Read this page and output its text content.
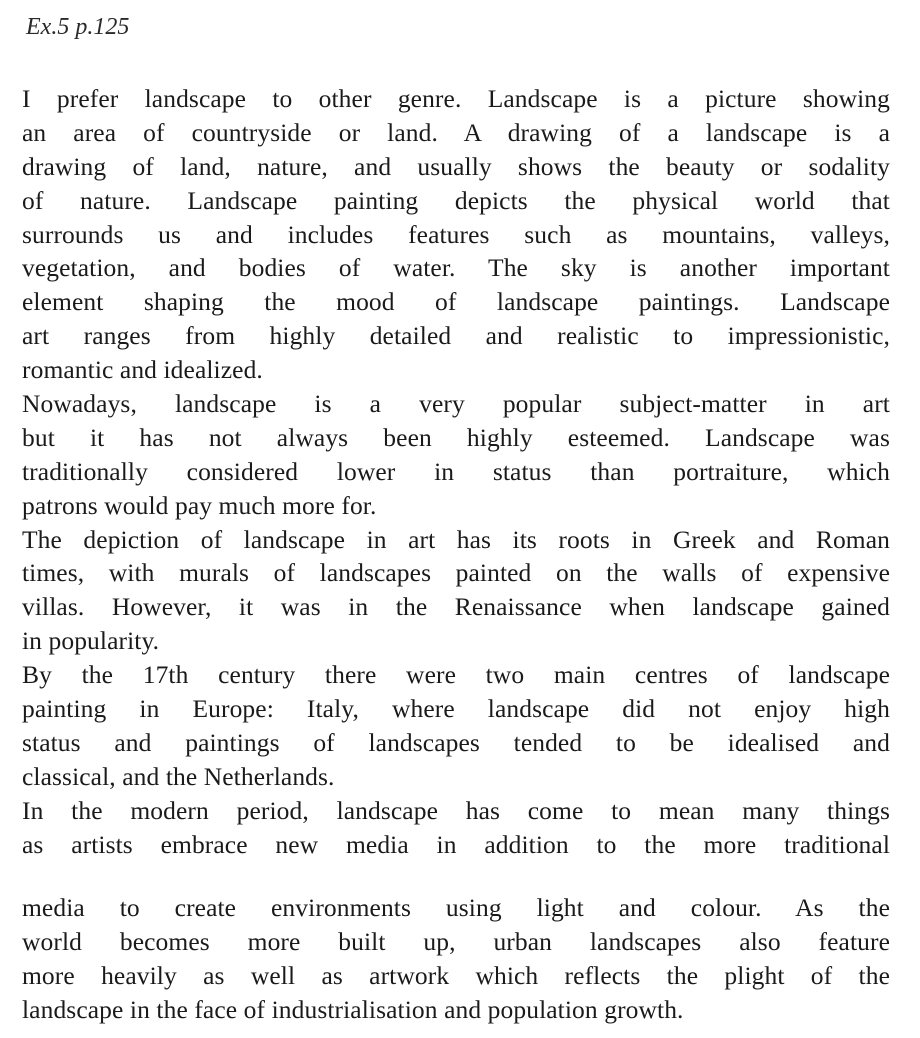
Ex.5 p.125
I prefer landscape to other genre. Landscape is a picture showing
an area of countryside or land. A drawing of a landscape is a
drawing of land, nature, and usually shows the beauty or sodality
of nature. Landscape painting depicts the physical world that
surrounds us and includes features such as mountains, valleys,
vegetation, and bodies of water. The sky is another important
element shaping the mood of landscape paintings. Landscape
art ranges from highly detailed and realistic to impressionistic,
romantic and idealized.
Nowadays, landscape is a very popular subject-matter in art
but it has not always been highly esteemed. Landscape was
traditionally considered lower in status than portraiture, which
patrons would pay much more for.
The depiction of landscape in art has its roots in Greek and Roman
times, with murals of landscapes painted on the walls of expensive
villas. However, it was in the Renaissance when landscape gained
in popularity.
By the 17th century there were two main centres of landscape
painting in Europe: Italy, where landscape did not enjoy high
status and paintings of landscapes tended to be idealised and
classical, and the Netherlands.
In the modern period, landscape has come to mean many things
as artists embrace new media in addition to the more traditional
media to create environments using light and colour. As the
world becomes more built up, urban landscapes also feature
more heavily as well as artwork which reflects the plight of the
landscape in the face of industrialisation and population growth.
